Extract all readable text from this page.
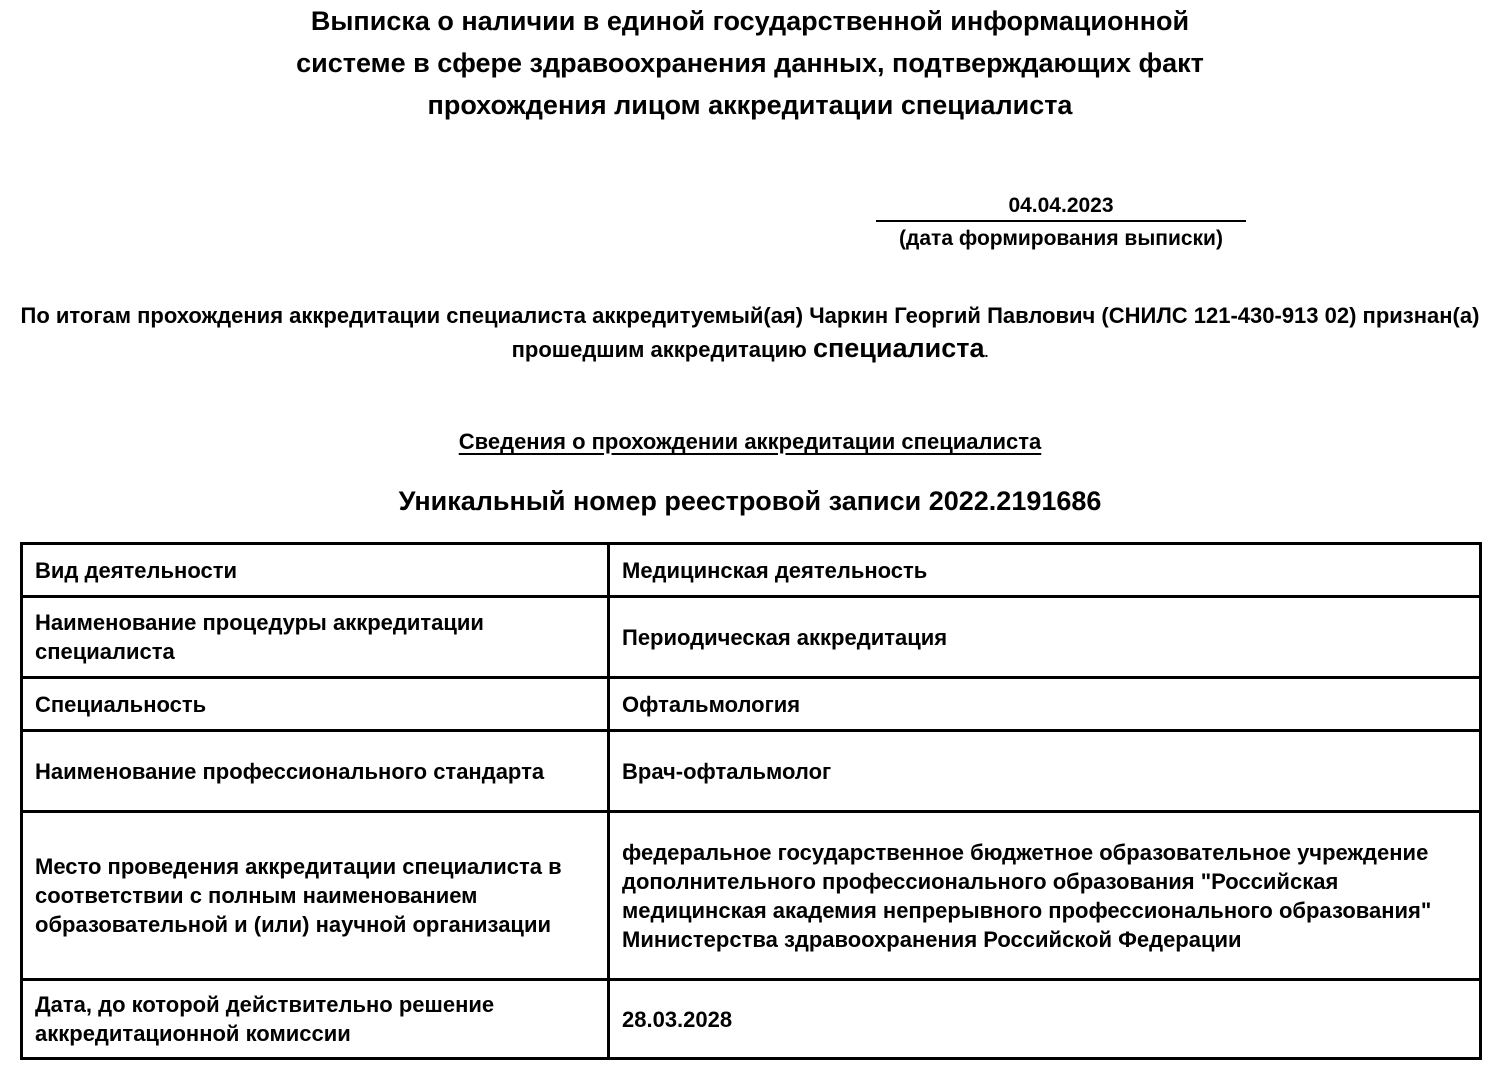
Выписка о наличии в единой государственной информационной
системе в сфере здравоохранения данных, подтверждающих факт
прохождения лицом аккредитации специалиста
04.04.2023
(дата формирования выписки)
По итогам прохождения аккредитации специалиста аккредитуемый(ая) Чаркин Георгий Павлович (СНИЛС 121-430-913 02) признан(а) прошедшим аккредитацию специалиста.
Сведения о прохождении аккредитации специалиста
Уникальный номер реестровой записи 2022.2191686
Вид деятельности	Медицинская деятельность
Наименование процедуры аккредитации специалиста	Периодическая аккредитация
Специальность	Офтальмология
Наименование профессионального стандарта	Врач-офтальмолог
Место проведения аккредитации специалиста в соответствии с полным наименованием образовательной и (или) научной организации	федеральное государственное бюджетное образовательное учреждение дополнительного профессионального образования "Российская медицинская академия непрерывного профессионального образования" Министерства здравоохранения Российской Федерации
Дата, до которой действительно решение аккредитационной комиссии	28.03.2028
